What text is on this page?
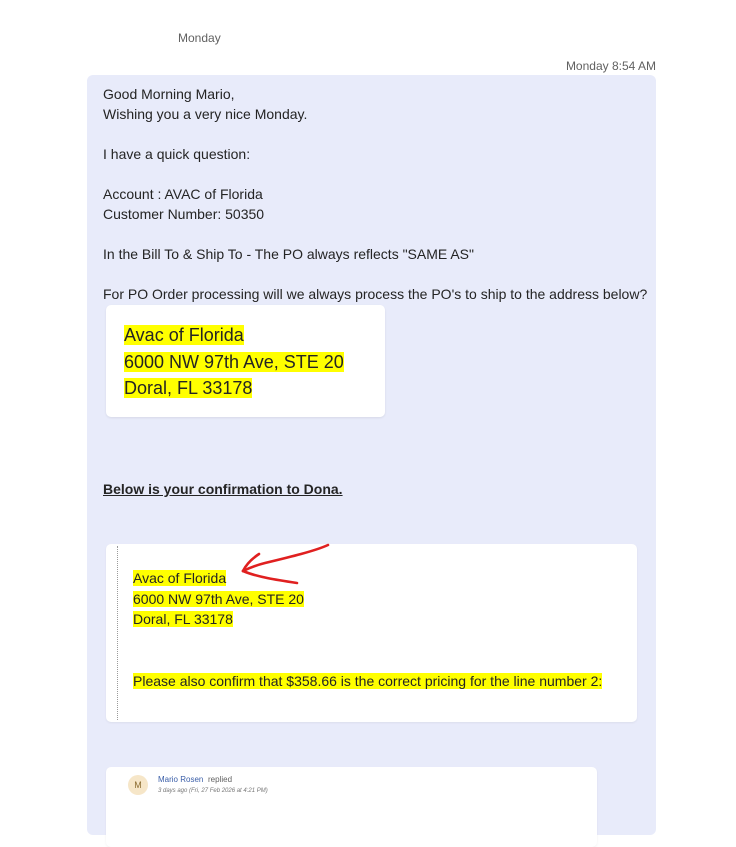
Monday
Monday 8:54 AM

Good Morning Mario,

Wishing you a very nice Monday.

I have a quick question:

Account : AVAC of Florida

Customer Number: 50350

In the Bill To & Ship To - The PO always reflects "SAME AS"

For PO Order processing will we always process the PO's to ship to the address below?

Avac of Florida
6000 NW 97th Ave, STE 20
Doral, FL 33178
Below is your confirmation to Dona.
Avac of Florida
6000 NW 97th Ave, STE 20
Doral, FL 33178
Please also confirm that $358.66 is the correct pricing for the line number 2:
M
Mario Rosen replied
3 days ago (Fri, 27 Feb 2026 at 4:21 PM)
